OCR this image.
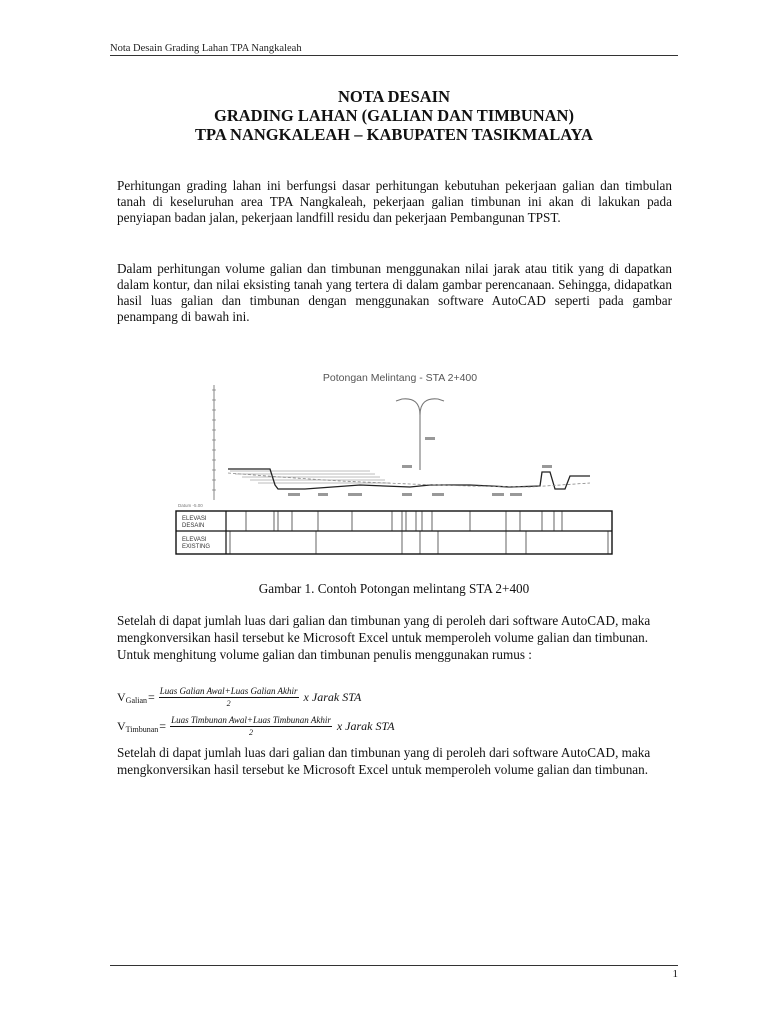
Nota Desain Grading Lahan TPA Nangkaleah
NOTA DESAIN
GRADING LAHAN (GALIAN DAN TIMBUNAN)
TPA NANGKALEAH – KABUPATEN TASIKMALAYA
Perhitungan grading lahan ini berfungsi dasar perhitungan kebutuhan pekerjaan galian dan timbulan tanah di keseluruhan area TPA Nangkaleah, pekerjaan galian timbunan ini akan di lakukan pada penyiapan badan jalan, pekerjaan landfill residu dan pekerjaan Pembangunan TPST.
Dalam perhitungan volume galian dan timbunan menggunakan nilai jarak atau titik yang di dapatkan dalam kontur, dan nilai eksisting tanah yang tertera di dalam gambar perencanaan. Sehingga, didapatkan hasil luas galian dan timbunan dengan menggunakan software AutoCAD seperti pada gambar penampang di bawah ini.
Potongan Melintang - STA 2+400
Datum -5.00
ELEVASI
DESAIN
ELEVASI
EXISTING
Gambar 1. Contoh Potongan melintang STA 2+400
Setelah di dapat jumlah luas dari galian dan timbunan yang di peroleh dari software AutoCAD, maka mengkonversikan hasil tersebut ke Microsoft Excel untuk memperoleh volume galian dan timbunan. Untuk menghitung volume galian dan timbunan penulis menggunakan rumus :
$V_{Galian} = \frac{\text{Luas Galian Awal+Luas Galian Akhir}}{2}$ x Jarak STA
$V_{Timbunan} = \frac{\text{Luas Timbunan Awal+Luas Timbunan Akhir}}{2}$ x Jarak STA
Setelah di dapat jumlah luas dari galian dan timbunan yang di peroleh dari software AutoCAD, maka mengkonversikan hasil tersebut ke Microsoft Excel untuk memperoleh volume galian dan timbunan.
1
